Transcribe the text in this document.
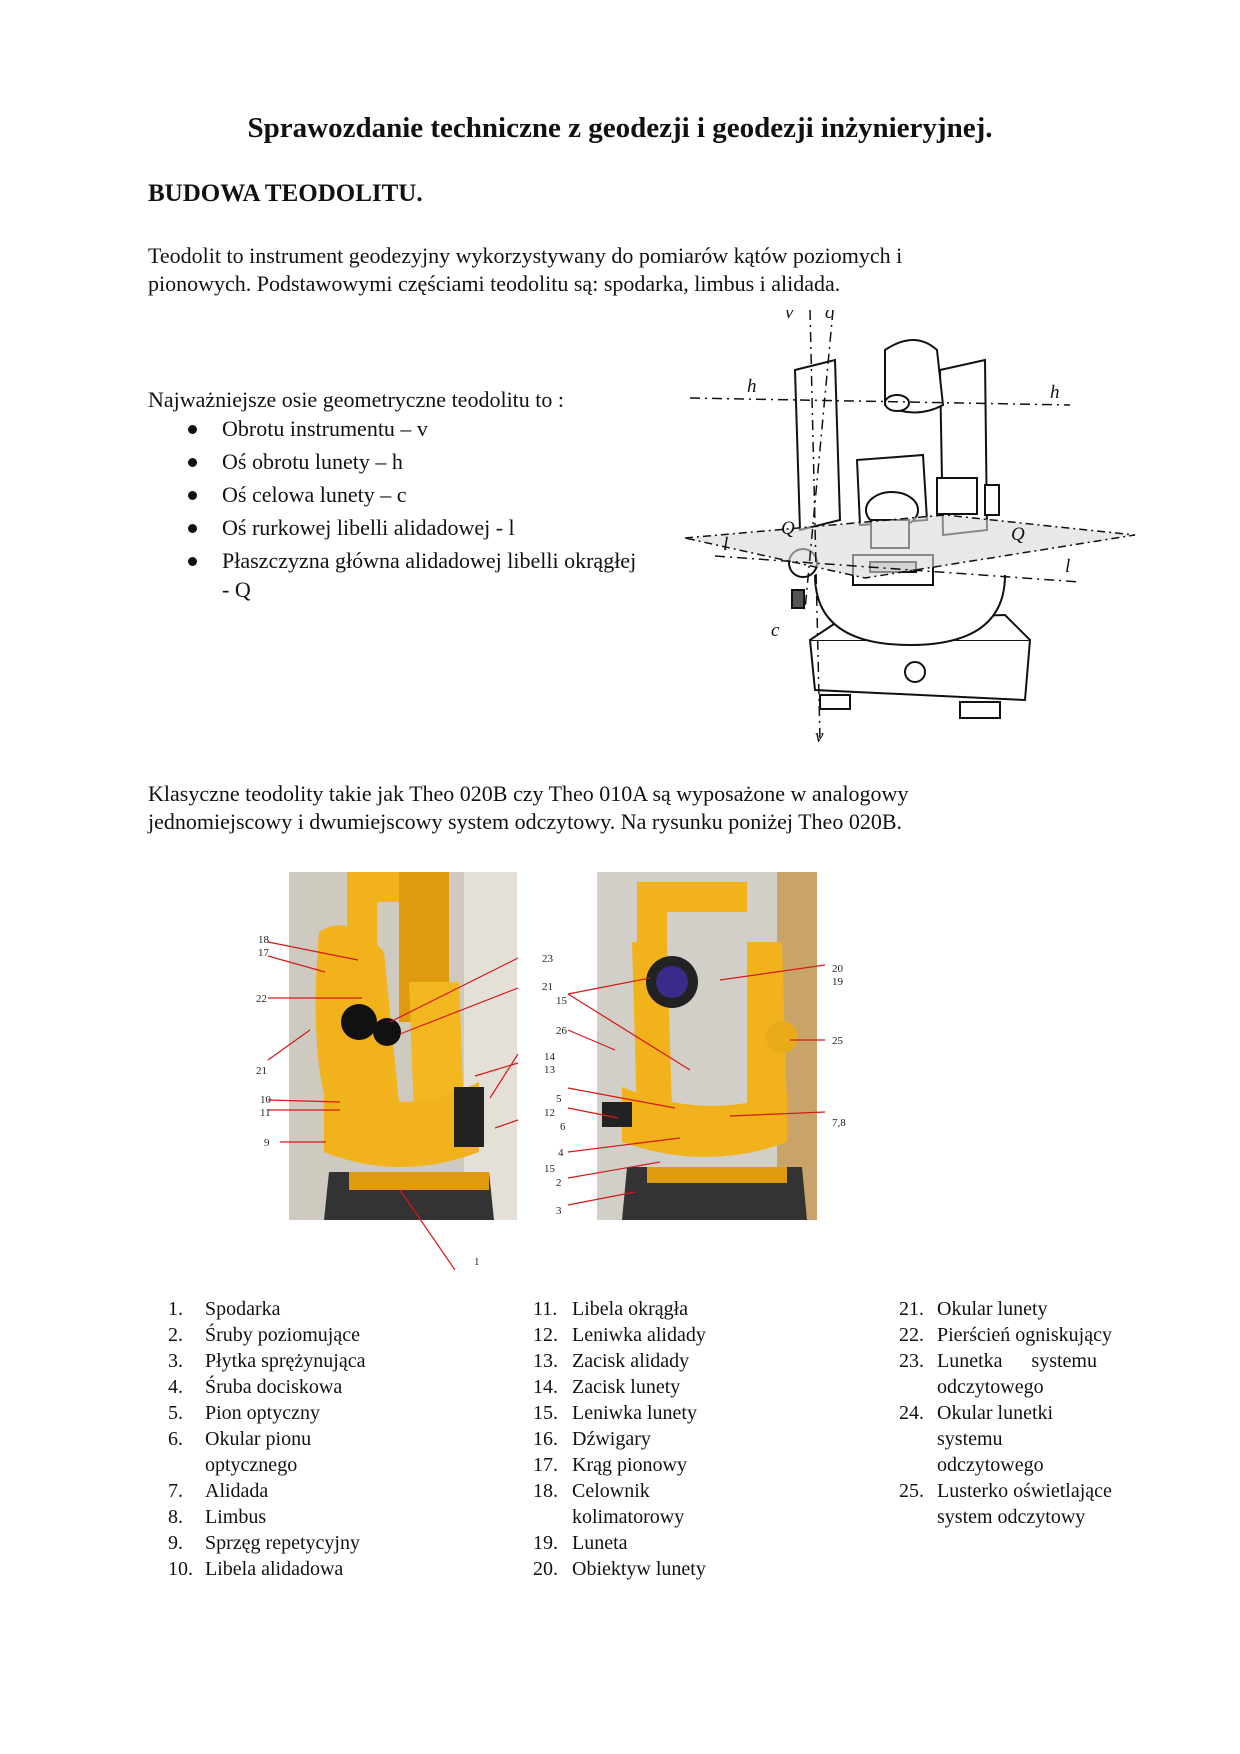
Sprawozdanie techniczne z geodezji i geodezji inżynieryjnej.
BUDOWA TEODOLITU.
Teodolit to instrument geodezyjny wykorzystywany do pomiarów kątów poziomych i
pionowych. Podstawowymi częściami teodolitu są: spodarka, limbus i alidada.
Najważniejsze osie geometryczne teodolitu to :
Obrotu instrumentu – v
Oś obrotu lunety – h
Oś celowa lunety – c
Oś rurkowej libelli alidadowej - l
Płaszczyzna główna alidadowej libelli okrągłej - Q
v c
h	h
Q	Q
l
l
c
v
Klasyczne teodolity takie jak Theo 020B czy Theo 010A są wyposażone w analogowy
jednomiejscowy i dwumiejscowy system odczytowy. Na rysunku poniżej Theo 020B.
18
17
22
21
10
11
9
23
21
14
13
12
1
15
26
5
6
4
15
2
3
20
19
25
7,8
1. Spodarka
2. Śruby poziomujące
3. Płytka sprężynująca
4. Śruba dociskowa
5. Pion optyczny
6. Okular pionu optycznego
7. Alidada
8. Limbus
9. Sprzęg repetycyjny
10. Libela alidadowa
11. Libela okrągła
12. Leniwka alidady
13. Zacisk alidady
14. Zacisk lunety
15. Leniwka lunety
16. Dźwigary
17. Krąg pionowy
18. Celownik kolimatorowy
19. Luneta
20. Obiektyw lunety
21. Okular lunety
22. Pierścień ogniskujący
23. Lunetka systemu odczytowego
24. Okular lunetki systemu odczytowego
25. Lusterko oświetlające system odczytowy
